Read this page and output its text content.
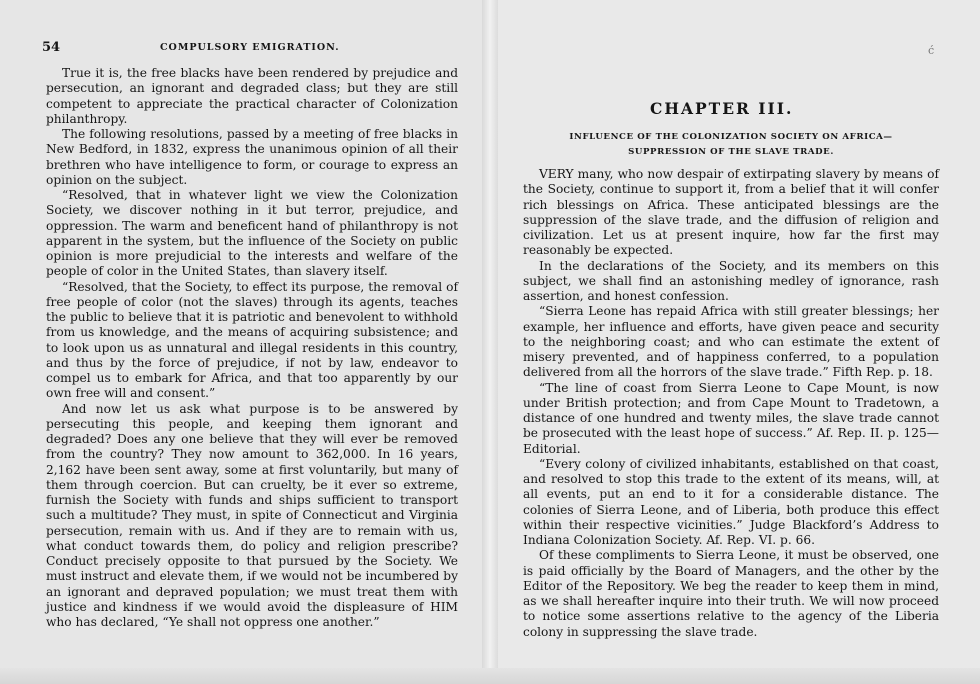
54	COMPULSORY EMIGRATION.	ć

True it is, the free blacks have been rendered by prejudice and persecution, an ignorant and degraded class; but they are still competent to appreciate the practical character of Colonization philanthropy.

The following resolutions, passed by a meeting of free blacks in New Bedford, in 1832, express the unanimous opinion of all their brethren who have intelligence to form, or courage to express an opinion on the subject.

“Resolved, that in whatever light we view the Colonization Society, we discover nothing in it but terror, prejudice, and oppression. The warm and beneficent hand of philanthropy is not apparent in the system, but the influence of the Society on public opinion is more prejudicial to the interests and welfare of the people of color in the United States, than slavery itself.

“Resolved, that the Society, to effect its purpose, the removal of free people of color (not the slaves) through its agents, teaches the public to believe that it is patriotic and benevolent to withhold from us knowledge, and the means of acquiring subsistence; and to look upon us as unnatural and illegal residents in this country, and thus by the force of prejudice, if not by law, endeavor to compel us to embark for Africa, and that too apparently by our own free will and consent.”

And now let us ask what purpose is to be answered by persecuting this people, and keeping them ignorant and degraded? Does any one believe that they will ever be removed from the country? They now amount to 362,000. In 16 years, 2,162 have been sent away, some at first voluntarily, but many of them through coercion. But can cruelty, be it ever so extreme, furnish the Society with funds and ships sufficient to transport such a multitude? They must, in spite of Connecticut and Virginia persecution, remain with us. And if they are to remain with us, what conduct towards them, do policy and religion prescribe? Conduct precisely opposite to that pursued by the Society. We must instruct and elevate them, if we would not be incumbered by an ignorant and depraved population; we must treat them with justice and kindness if we would avoid the displeasure of HIM who has declared, “Ye shall not oppress one another.”

CHAPTER III.
INFLUENCE OF THE COLONIZATION SOCIETY ON AFRICA—
SUPPRESSION OF THE SLAVE TRADE.

VERY many, who now despair of extirpating slavery by means of the Society, continue to support it, from a belief that it will confer rich blessings on Africa. These anticipated blessings are the suppression of the slave trade, and the diffusion of religion and civilization. Let us at present inquire, how far the first may reasonably be expected.

In the declarations of the Society, and its members on this subject, we shall find an astonishing medley of ignorance, rash assertion, and honest confession.

“Sierra Leone has repaid Africa with still greater blessings; her example, her influence and efforts, have given peace and security to the neighboring coast; and who can estimate the extent of misery prevented, and of happiness conferred, to a population delivered from all the horrors of the slave trade.” Fifth Rep. p. 18.

“The line of coast from Sierra Leone to Cape Mount, is now under British protection; and from Cape Mount to Tradetown, a distance of one hundred and twenty miles, the slave trade cannot be prosecuted with the least hope of success.” Af. Rep. II. p. 125—Editorial.

“Every colony of civilized inhabitants, established on that coast, and resolved to stop this trade to the extent of its means, will, at all events, put an end to it for a considerable distance. The colonies of Sierra Leone, and of Liberia, both produce this effect within their respective vicinities.” Judge Blackford’s Address to Indiana Colonization Society. Af. Rep. VI. p. 66.

Of these compliments to Sierra Leone, it must be observed, one is paid officially by the Board of Managers, and the other by the Editor of the Repository. We beg the reader to keep them in mind, as we shall hereafter inquire into their truth. We will now proceed to notice some assertions relative to the agency of the Liberia colony in suppressing the slave trade.
